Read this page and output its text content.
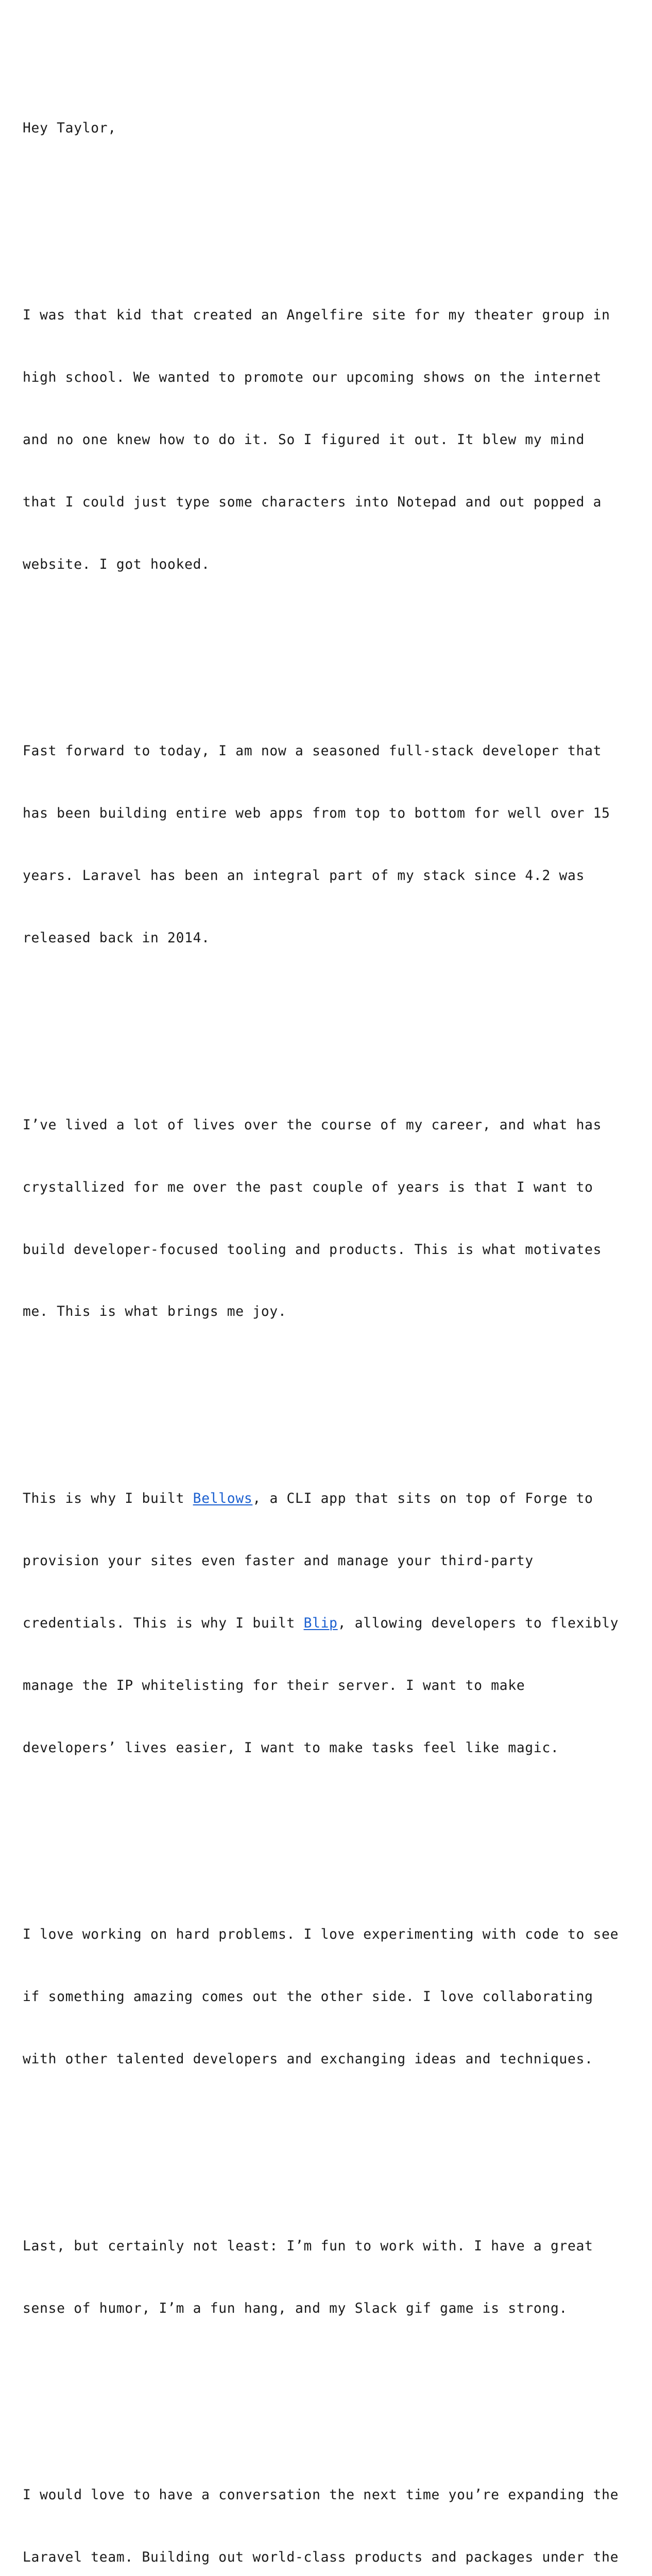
Hey Taylor,

I was that kid that created an Angelfire site for my theater group in

high school. We wanted to promote our upcoming shows on the internet

and no one knew how to do it. So I figured it out. It blew my mind

that I could just type some characters into Notepad and out popped a

website. I got hooked.

Fast forward to today, I am now a seasoned full-stack developer that

has been building entire web apps from top to bottom for well over 15

years. Laravel has been an integral part of my stack since 4.2 was

released back in 2014.

I’ve lived a lot of lives over the course of my career, and what has

crystallized for me over the past couple of years is that I want to

build developer-focused tooling and products. This is what motivates

me. This is what brings me joy.

This is why I built Bellows, a CLI app that sits on top of Forge to

provision your sites even faster and manage your third-party

credentials. This is why I built Blip, allowing developers to flexibly

manage the IP whitelisting for their server. I want to make

developers’ lives easier, I want to make tasks feel like magic.

I love working on hard problems. I love experimenting with code to see

if something amazing comes out the other side. I love collaborating

with other talented developers and exchanging ideas and techniques.

Last, but certainly not least: I’m fun to work with. I have a great

sense of humor, I’m a fun hang, and my Slack gif game is strong.

I would love to have a conversation the next time you’re expanding the

Laravel team. Building out world-class products and packages under the
